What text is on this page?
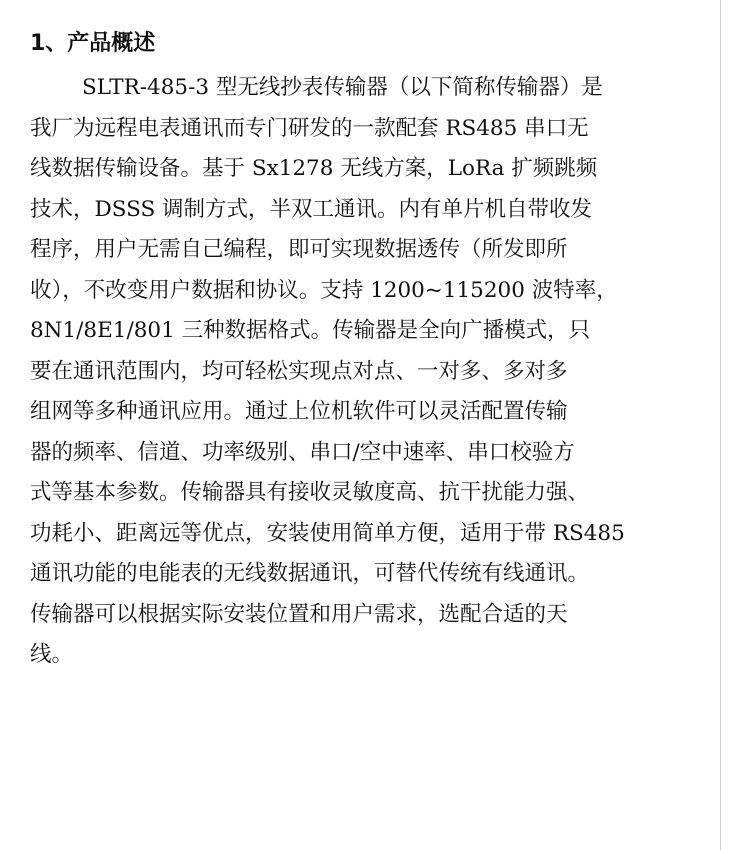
1、产品概述
SLTR-485-3 型无线抄表传输器（以下简称传输器）是
我厂为远程电表通讯而专门研发的一款配套 RS485 串口无
线数据传输设备。基于 Sx1278 无线方案，LoRa 扩频跳频
技术，DSSS 调制方式，半双工通讯。内有单片机自带收发
程序，用户无需自己编程，即可实现数据透传（所发即所
收），不改变用户数据和协议。支持 1200~115200 波特率，
8N1/8E1/801 三种数据格式。传输器是全向广播模式，只
要在通讯范围内，均可轻松实现点对点、一对多、多对多
组网等多种通讯应用。通过上位机软件可以灵活配置传输
器的频率、信道、功率级别、串口/空中速率、串口校验方
式等基本参数。传输器具有接收灵敏度高、抗干扰能力强、
功耗小、距离远等优点，安装使用简单方便，适用于带 RS485
通讯功能的电能表的无线数据通讯，可替代传统有线通讯。
传输器可以根据实际安装位置和用户需求，选配合适的天
线。
